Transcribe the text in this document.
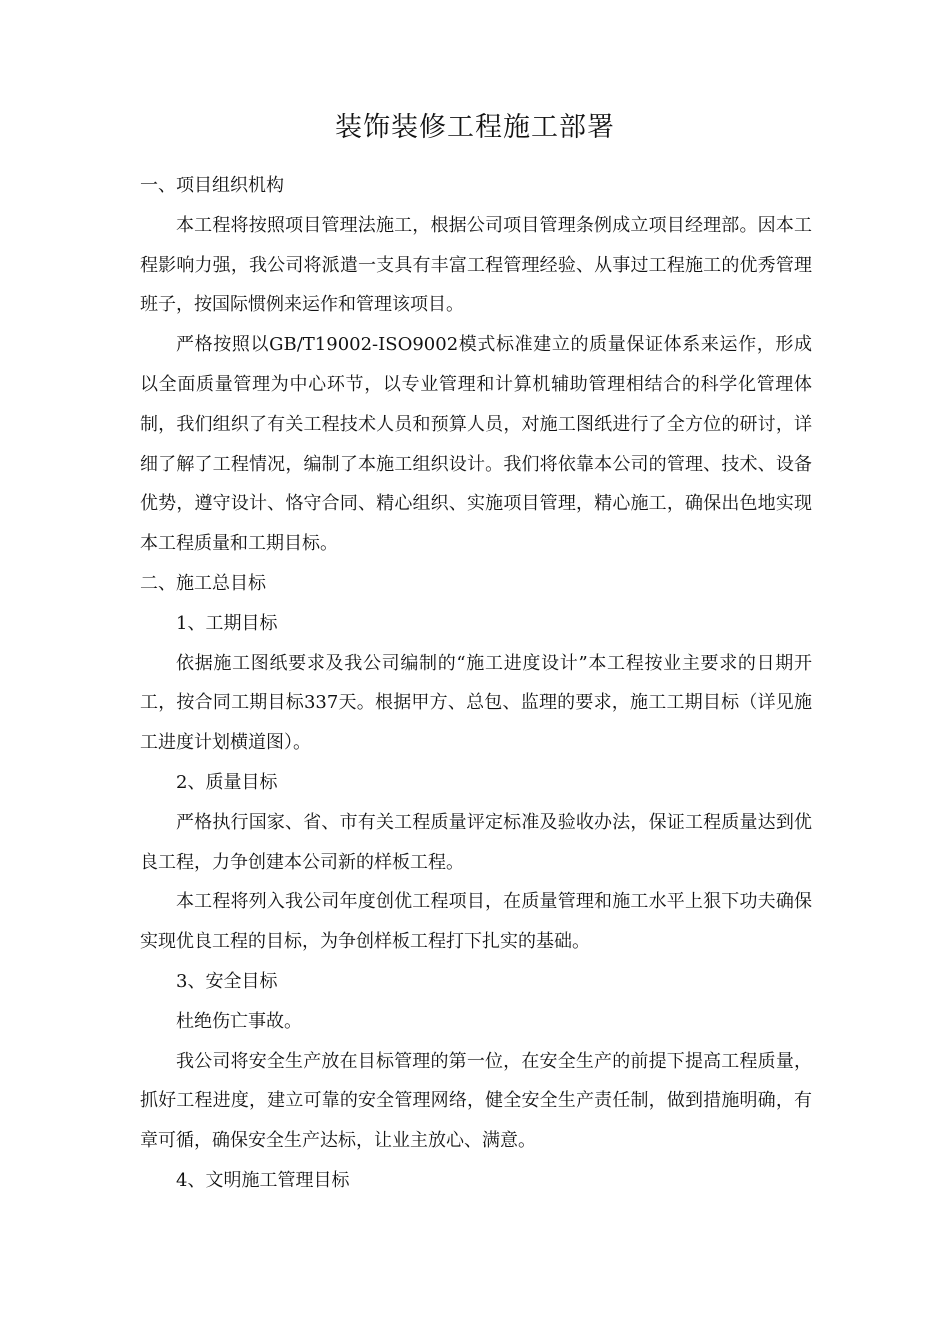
装饰装修工程施工部署

一、项目组织机构

本工程将按照项目管理法施工，根据公司项目管理条例成立项目经理部。因本工程影响力强，我公司将派遣一支具有丰富工程管理经验、从事过工程施工的优秀管理班子，按国际惯例来运作和管理该项目。

严格按照以GB/T19002-ISO9002模式标准建立的质量保证体系来运作，形成以全面质量管理为中心环节，以专业管理和计算机辅助管理相结合的科学化管理体制，我们组织了有关工程技术人员和预算人员，对施工图纸进行了全方位的研讨，详细了解了工程情况，编制了本施工组织设计。我们将依靠本公司的管理、技术、设备优势，遵守设计、恪守合同、精心组织、实施项目管理，精心施工，确保出色地实现本工程质量和工期目标。

二、施工总目标

1、工期目标

依据施工图纸要求及我公司编制的“施工进度设计”本工程按业主要求的日期开工，按合同工期目标337天。根据甲方、总包、监理的要求，施工工期目标（详见施工进度计划横道图）。

2、质量目标

严格执行国家、省、市有关工程质量评定标准及验收办法，保证工程质量达到优良工程，力争创建本公司新的样板工程。

本工程将列入我公司年度创优工程项目，在质量管理和施工水平上狠下功夫确保实现优良工程的目标，为争创样板工程打下扎实的基础。

3、安全目标

杜绝伤亡事故。

我公司将安全生产放在目标管理的第一位，在安全生产的前提下提高工程质量，抓好工程进度，建立可靠的安全管理网络，健全安全生产责任制，做到措施明确，有章可循，确保安全生产达标，让业主放心、满意。

4、文明施工管理目标
